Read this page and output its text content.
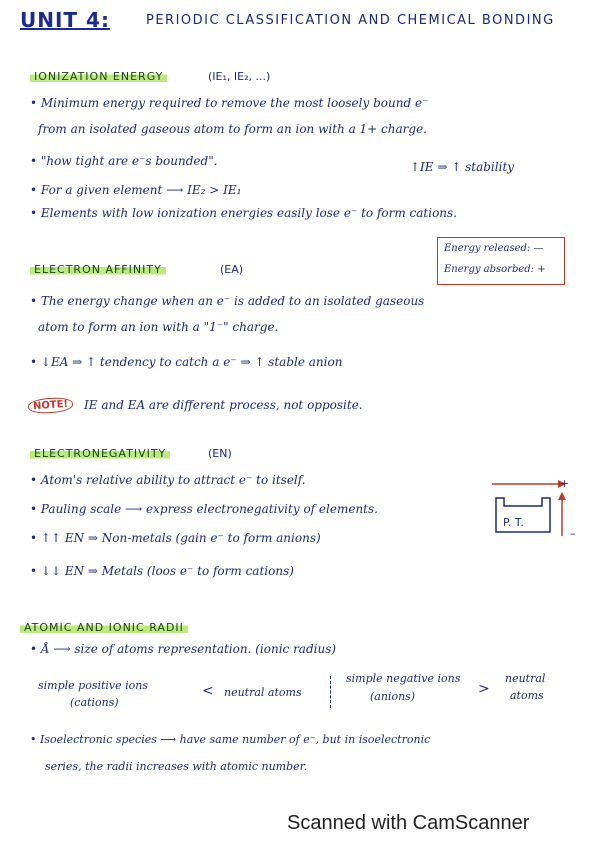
UNIT 4:	PERIODIC CLASSIFICATION AND CHEMICAL BONDING
IONIZATION ENERGY	(IE₁, IE₂, ...)
• Minimum energy required to remove the most loosely bound e⁻
from an isolated gaseous atom to form an ion with a 1+ charge.
• "how tight are e⁻s bounded".	↑IE ⇒ ↑ stability
• For a given element ⟶ IE₂ > IE₁
• Elements with low ionization energies easily lose e⁻ to form cations.
Energy released: —
Energy absorbed: +
ELECTRON AFFINITY	(EA)
• The energy change when an e⁻ is added to an isolated gaseous
atom to form an ion with a "1⁻" charge.
• ↓EA ⇒ ↑ tendency to catch a e⁻ ⇒ ↑ stable anion
NOTE!	IE and EA are different process, not opposite.
ELECTRONEGATIVITY	(EN)
• Atom's relative ability to attract e⁻ to itself.
• Pauling scale ⟶ express electronegativity of elements.
• ↑↑ EN ⇒ Non-metals (gain e⁻ to form anions)
• ↓↓ EN ⇒ Metals (loos e⁻ to form cations)
P. T.
+
–
ATOMIC AND IONIC RADII
• Å ⟶ size of atoms representation. (ionic radius)
simple positive ions
(cations)
< neutral atoms
simple negative ions
(anions)	>
neutral
atoms
• Isoelectronic species ⟶ have same number of e⁻, but in isoelectronic
series, the radii increases with atomic number.
Scanned with CamScanner
